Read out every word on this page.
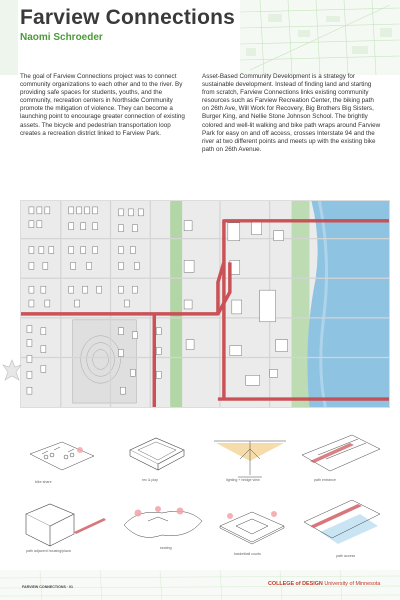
Farview Connections
Naomi Schroeder
The goal of Farview Connections project was to connect community organizations to each other and to the river. By providing safe spaces for students, youths, and the community, recreation centers in Northside Community promote the mitigation of violence. They can become a launching point to encourage greater connection of existing assets. The bicycle and pedestrian transportation loop creates a recreation district linked to Farview Park.
Asset-Based Community Development is a strategy for sustainable development. Instead of finding land and starting from scratch, Farview Connections links existing community resources such as Farview Recreation Center, the biking path on 26th Ave, Will Work for Recovery, Big Brothers Big Sisters, Burger King, and Nellie Stone Johnson School. The brightly colored and well-lit walking and bike path wraps around Farview Park for easy on and off access, crosses Interstate 94 and the river at two different points and meets up with the existing bike path on 26th Avenue.
bike share	rec & play	lighting + bridge view	path entrance
path adjacent housing/plaza
seating
basketball courts	path access
FARVIEW CONNECTIONS · 01	COLLEGE of DESIGN University of Minnesota
